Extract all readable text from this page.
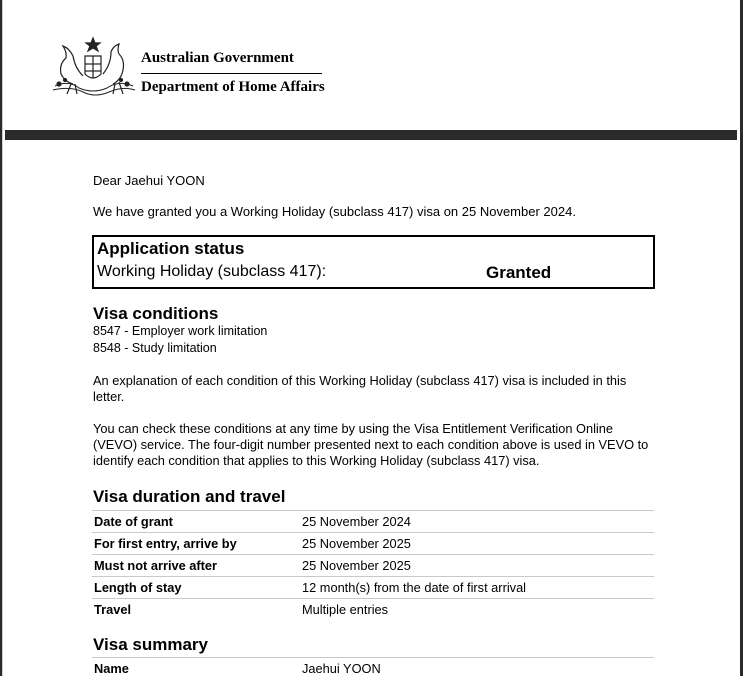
Australian Government
Department of Home Affairs
Dear Jaehui YOON
We have granted you a Working Holiday (subclass 417) visa on 25 November 2024.
Application status
Working Holiday (subclass 417):	Granted
Visa conditions
8547 - Employer work limitation
8548 - Study limitation
An explanation of each condition of this Working Holiday (subclass 417) visa is included in this letter.
You can check these conditions at any time by using the Visa Entitlement Verification Online (VEVO) service. The four-digit number presented next to each condition above is used in VEVO to identify each condition that applies to this Working Holiday (subclass 417) visa.
Visa duration and travel
Date of grant	25 November 2024
For first entry, arrive by	25 November 2025
Must not arrive after	25 November 2025
Length of stay	12 month(s) from the date of first arrival
Travel	Multiple entries
Visa summary
Name	Jaehui YOON
